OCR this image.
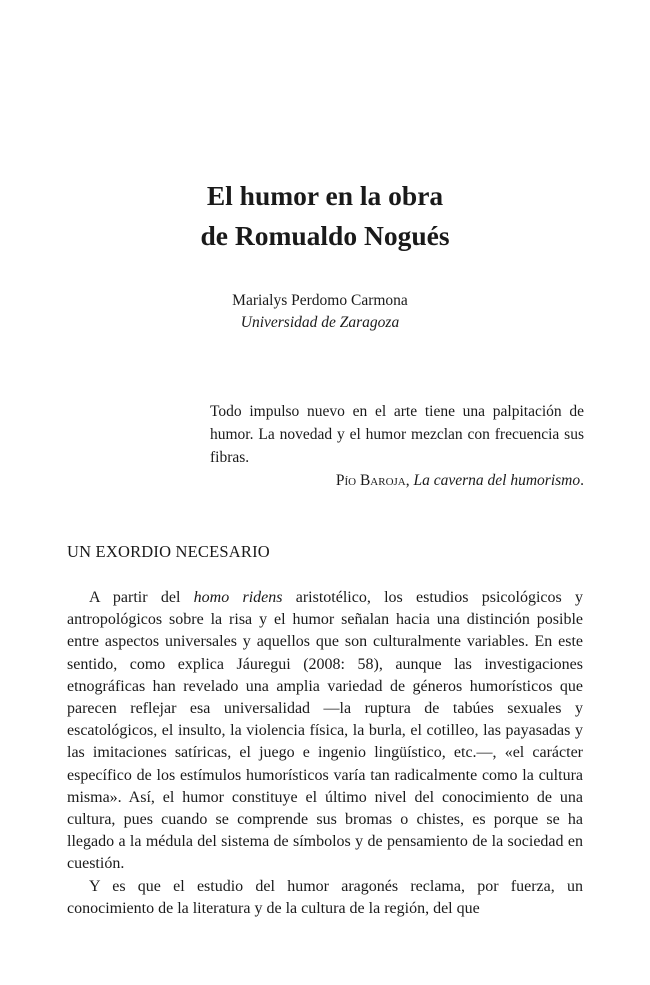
El humor en la obra
de Romualdo Nogués
Marialys Perdomo Carmona
Universidad de Zaragoza

Todo impulso nuevo en el arte tiene una palpitación de humor. La novedad y el humor mezclan con frecuencia sus fibras.

Pío Baroja, La caverna del humorismo.

UN EXORDIO NECESARIO

A partir del homo ridens aristotélico, los estudios psicológicos y antropológicos sobre la risa y el humor señalan hacia una distinción posible entre aspectos universales y aquellos que son culturalmente variables. En este sentido, como explica Jáuregui (2008: 58), aunque las investigaciones etnográficas han revelado una amplia variedad de géneros humorísticos que parecen reflejar esa universalidad —la ruptura de tabúes sexuales y escatológicos, el insulto, la violencia física, la burla, el cotilleo, las payasadas y las imitaciones satíricas, el juego e ingenio lingüístico, etc.—, «el carácter específico de los estímulos humorísticos varía tan radicalmente como la cultura misma». Así, el humor constituye el último nivel del conocimiento de una cultura, pues cuando se comprende sus bromas o chistes, es porque se ha llegado a la médula del sistema de símbolos y de pensamiento de la sociedad en cuestión.

Y es que el estudio del humor aragonés reclama, por fuerza, un conocimiento de la literatura y de la cultura de la región, del que
